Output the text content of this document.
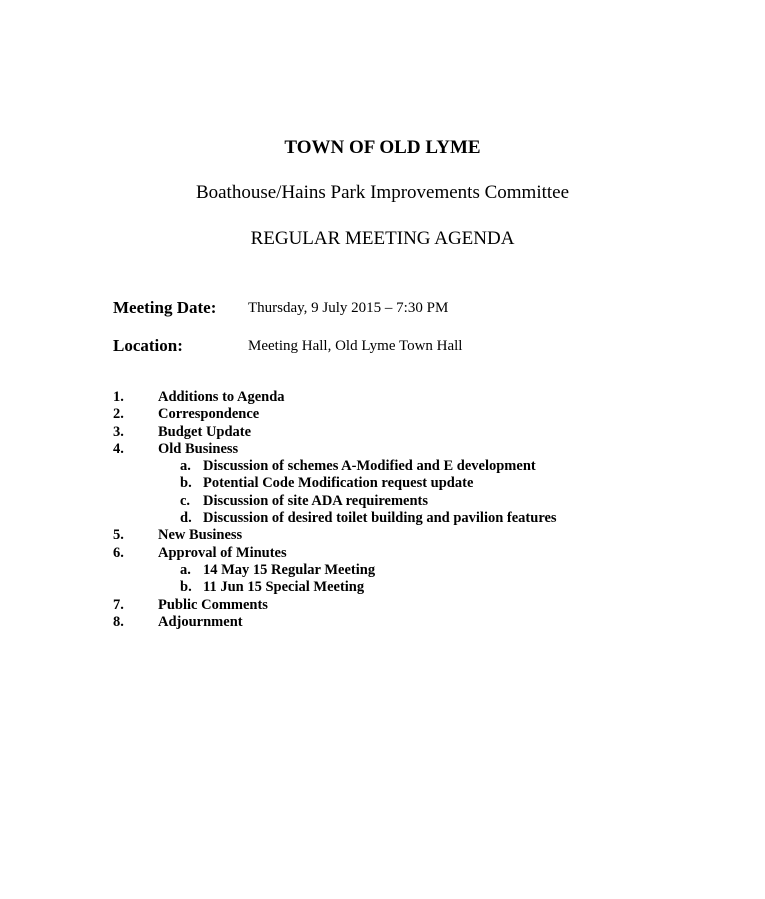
TOWN OF OLD LYME
Boathouse/Hains Park Improvements Committee
REGULAR MEETING AGENDA
Meeting Date: Thursday, 9 July 2015 – 7:30 PM
Location:	Meeting Hall, Old Lyme Town Hall
1. Additions to Agenda
2. Correspondence
3. Budget Update
4. Old Business
a. Discussion of schemes A-Modified and E development
b. Potential Code Modification request update
c. Discussion of site ADA requirements
d. Discussion of desired toilet building and pavilion features
5. New Business
6. Approval of Minutes
a. 14 May 15 Regular Meeting
b. 11 Jun 15 Special Meeting
7. Public Comments
8. Adjournment
